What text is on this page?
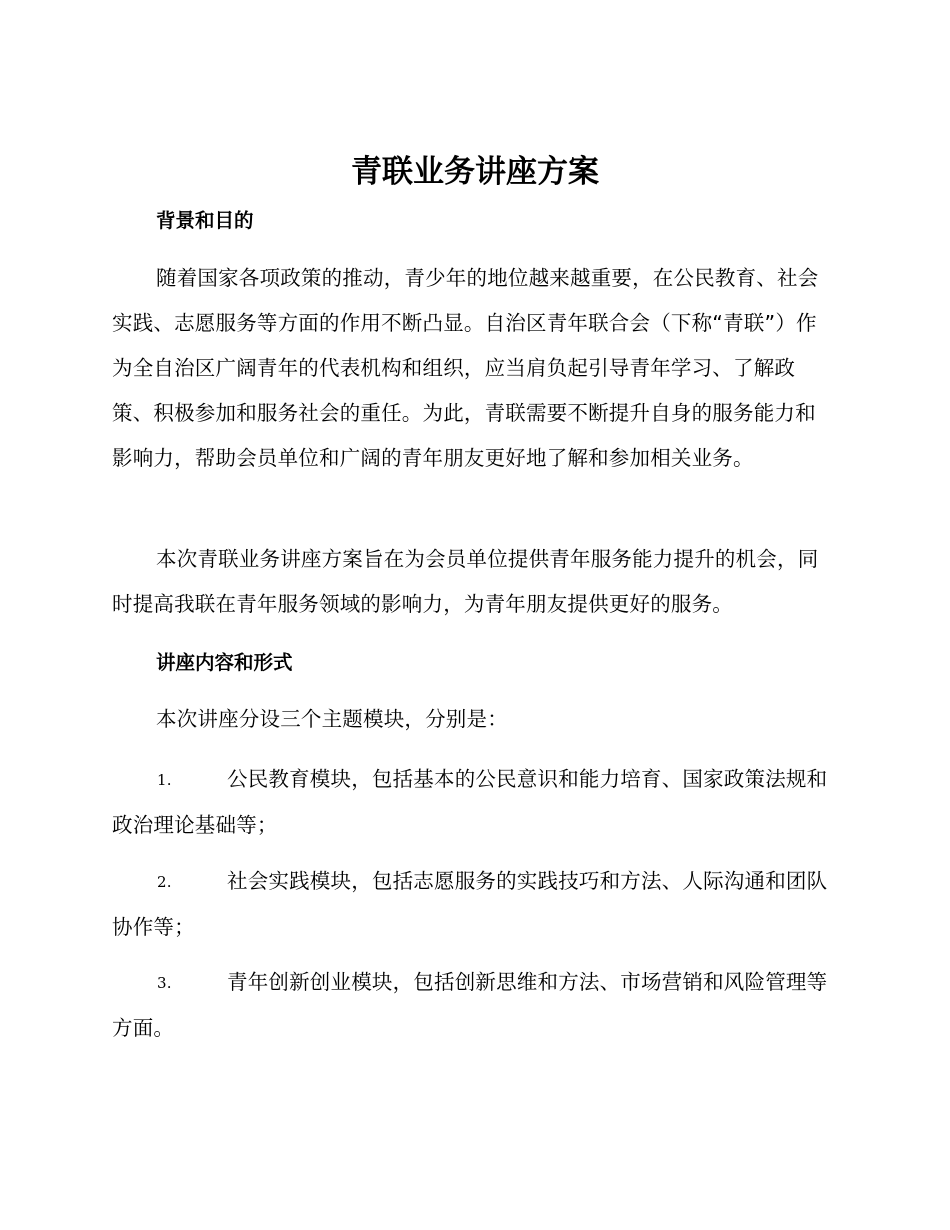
青联业务讲座方案
背景和目的
随着国家各项政策的推动，青少年的地位越来越重要，在公民教育、社会实践、志愿服务等方面的作用不断凸显。自治区青年联合会（下称“青联”）作为全自治区广阔青年的代表机构和组织，应当肩负起引导青年学习、了解政策、积极参加和服务社会的重任。为此，青联需要不断提升自身的服务能力和影响力，帮助会员单位和广阔的青年朋友更好地了解和参加相关业务。
本次青联业务讲座方案旨在为会员单位提供青年服务能力提升的机会，同时提高我联在青年服务领域的影响力，为青年朋友提供更好的服务。
讲座内容和形式
本次讲座分设三个主题模块，分别是：
1.	公民教育模块，包括基本的公民意识和能力培育、国家政策法规和政治理论基础等；
2.	社会实践模块，包括志愿服务的实践技巧和方法、人际沟通和团队协作等；
3.	青年创新创业模块，包括创新思维和方法、市场营销和风险管理等方面。
